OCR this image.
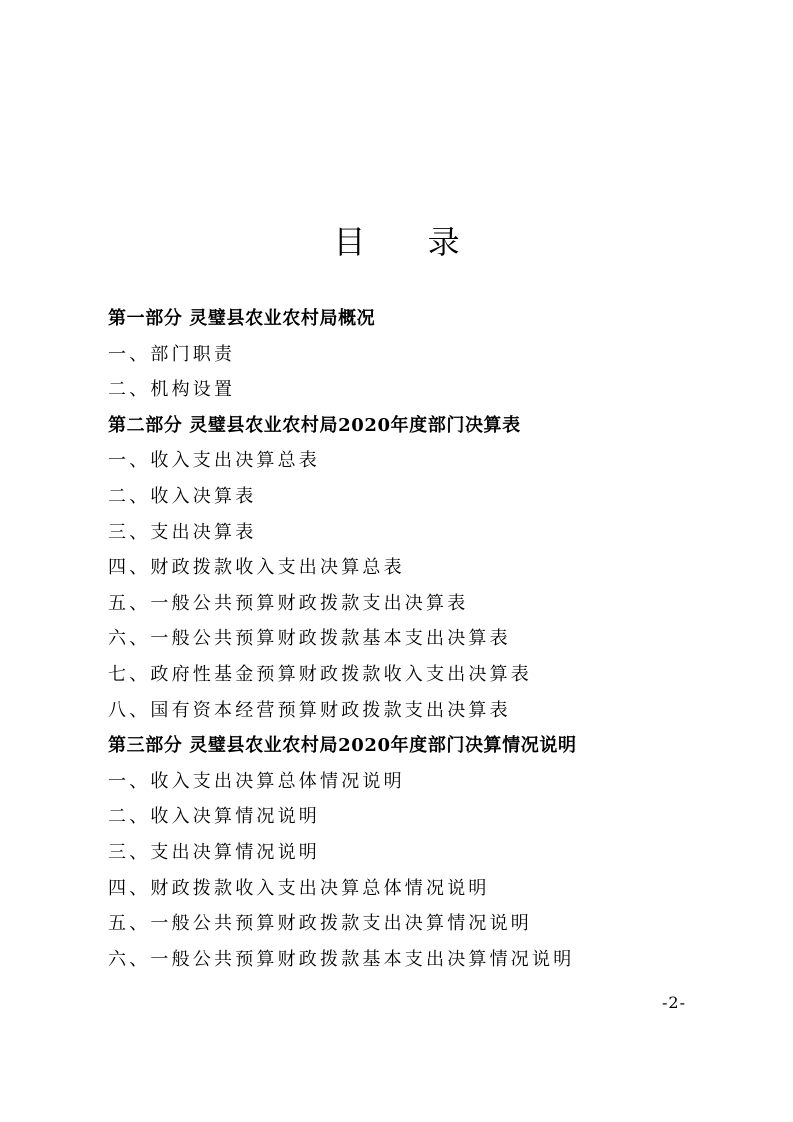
目 录
第一部分 灵璧县农业农村局概况
一、部门职责
二、机构设置
第二部分 灵璧县农业农村局2020年度部门决算表
一、收入支出决算总表
二、收入决算表
三、支出决算表
四、财政拨款收入支出决算总表
五、一般公共预算财政拨款支出决算表
六、一般公共预算财政拨款基本支出决算表
七、政府性基金预算财政拨款收入支出决算表
八、国有资本经营预算财政拨款支出决算表
第三部分 灵璧县农业农村局2020年度部门决算情况说明
一、收入支出决算总体情况说明
二、收入决算情况说明
三、支出决算情况说明
四、财政拨款收入支出决算总体情况说明
五、一般公共预算财政拨款支出决算情况说明
六、一般公共预算财政拨款基本支出决算情况说明
-2-
